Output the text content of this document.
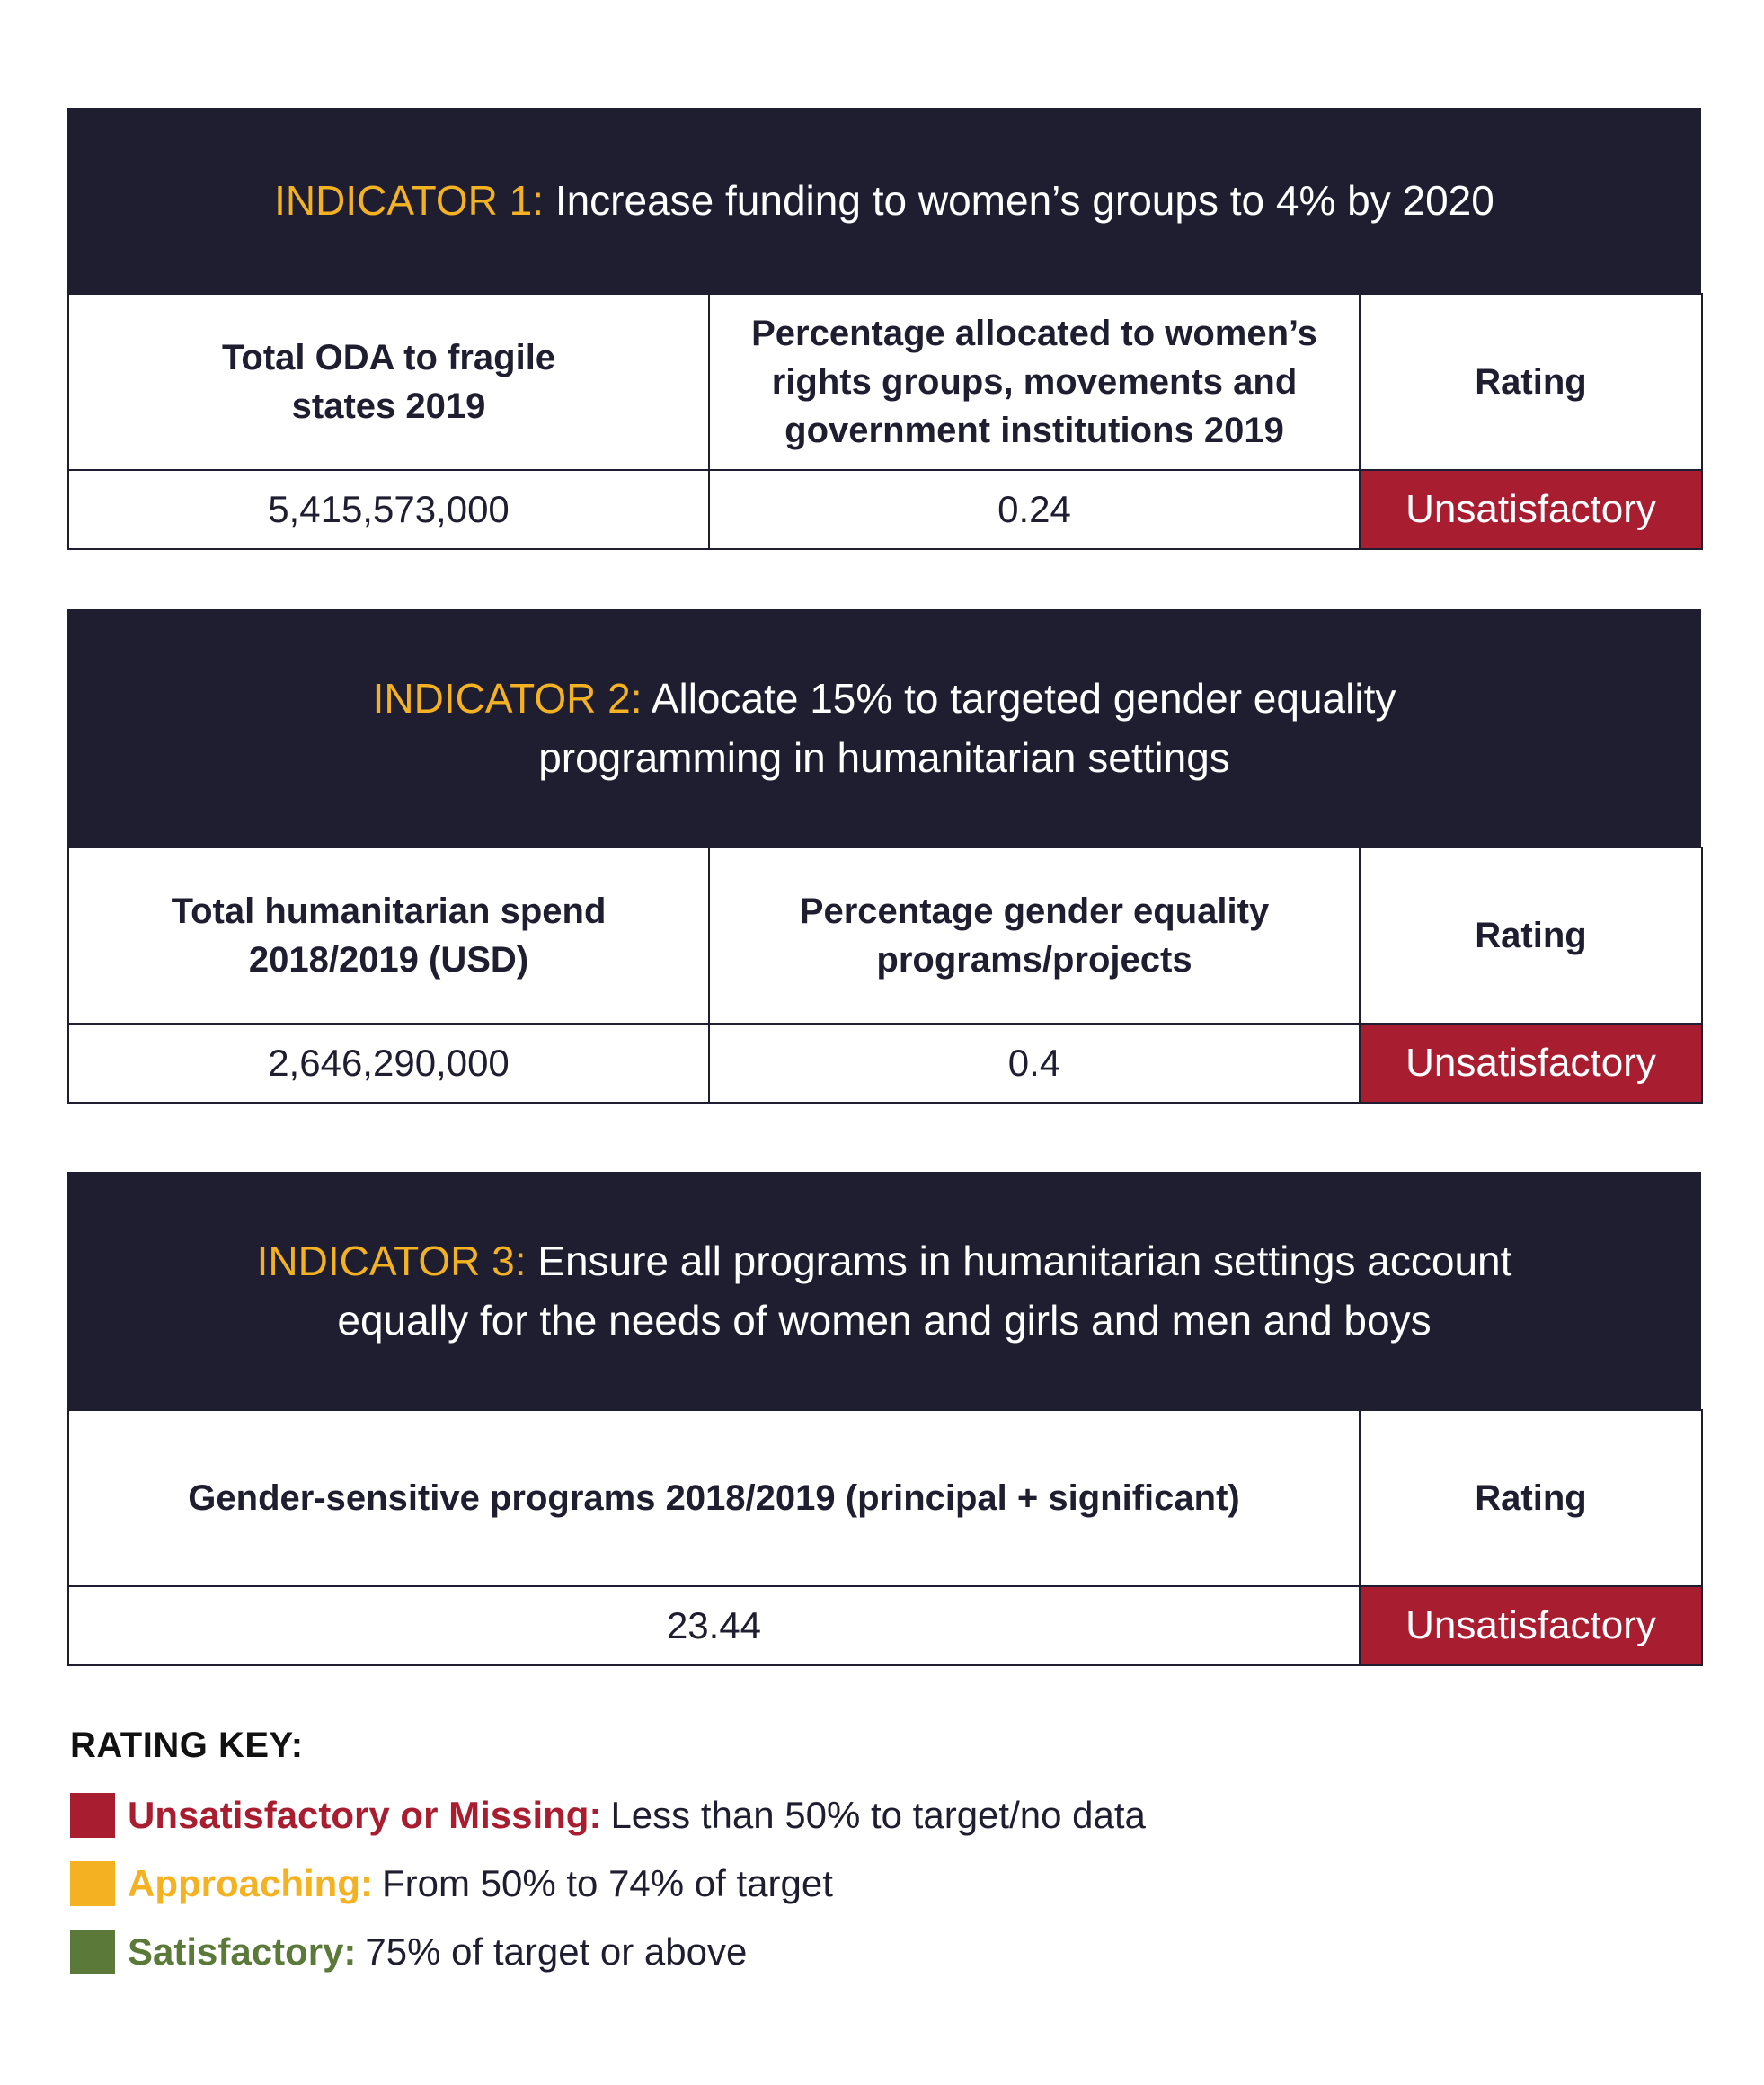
INDICATOR 1: Increase funding to women’s groups to 4% by 2020
Total ODA to fragile states 2019	Percentage allocated to women’s rights groups, movements and government institutions 2019	Rating
5,415,573,000	0.24	Unsatisfactory
INDICATOR 2: Allocate 15% to targeted gender equality programming in humanitarian settings
Total humanitarian spend 2018/2019 (USD)	Percentage gender equality programs/projects	Rating
2,646,290,000	0.4	Unsatisfactory
INDICATOR 3: Ensure all programs in humanitarian settings account equally for the needs of women and girls and men and boys
Gender-sensitive programs 2018/2019 (principal + significant)	Rating
23.44	Unsatisfactory
RATING KEY:
Unsatisfactory or Missing: Less than 50% to target/no data
Approaching: From 50% to 74% of target
Satisfactory: 75% of target or above
